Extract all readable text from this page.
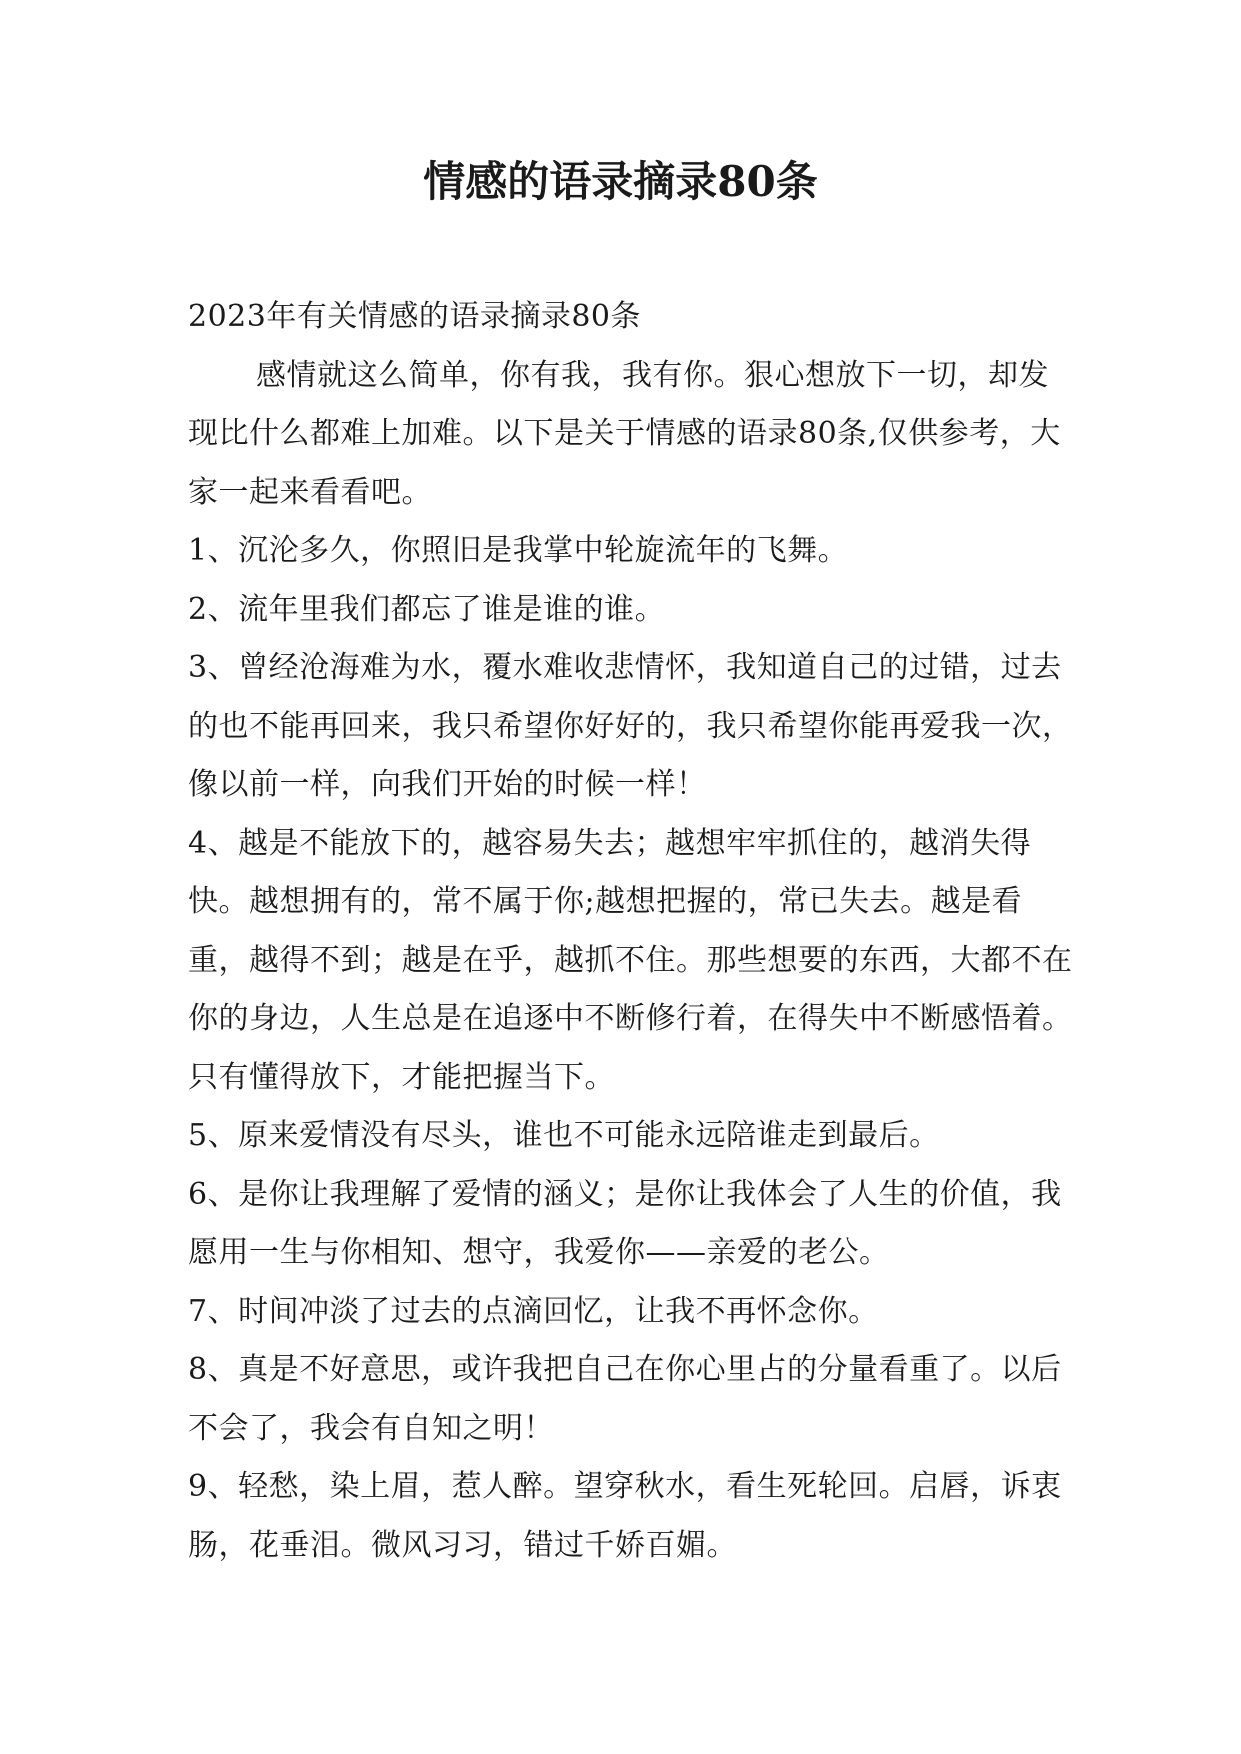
情感的语录摘录80条

2023年有关情感的语录摘录80条

感情就这么简单，你有我，我有你。狠心想放下一切，却发现比什么都难上加难。以下是关于情感的语录80条,仅供参考，大家一起来看看吧。

1、沉沦多久，你照旧是我掌中轮旋流年的飞舞。

2、流年里我们都忘了谁是谁的谁。

3、曾经沧海难为水，覆水难收悲情怀，我知道自己的过错，过去的也不能再回来，我只希望你好好的，我只希望你能再爱我一次，像以前一样，向我们开始的时候一样！

4、越是不能放下的，越容易失去；越想牢牢抓住的，越消失得快。越想拥有的，常不属于你;越想把握的，常已失去。越是看重，越得不到；越是在乎，越抓不住。那些想要的东西，大都不在你的身边，人生总是在追逐中不断修行着，在得失中不断感悟着。只有懂得放下，才能把握当下。

5、原来爱情没有尽头，谁也不可能永远陪谁走到最后。

6、是你让我理解了爱情的涵义；是你让我体会了人生的价值，我愿用一生与你相知、想守，我爱你——亲爱的老公。

7、时间冲淡了过去的点滴回忆，让我不再怀念你。

8、真是不好意思，或许我把自己在你心里占的分量看重了。以后不会了，我会有自知之明！

9、轻愁，染上眉，惹人醉。望穿秋水，看生死轮回。启唇，诉衷肠，花垂泪。微风习习，错过千娇百媚。
